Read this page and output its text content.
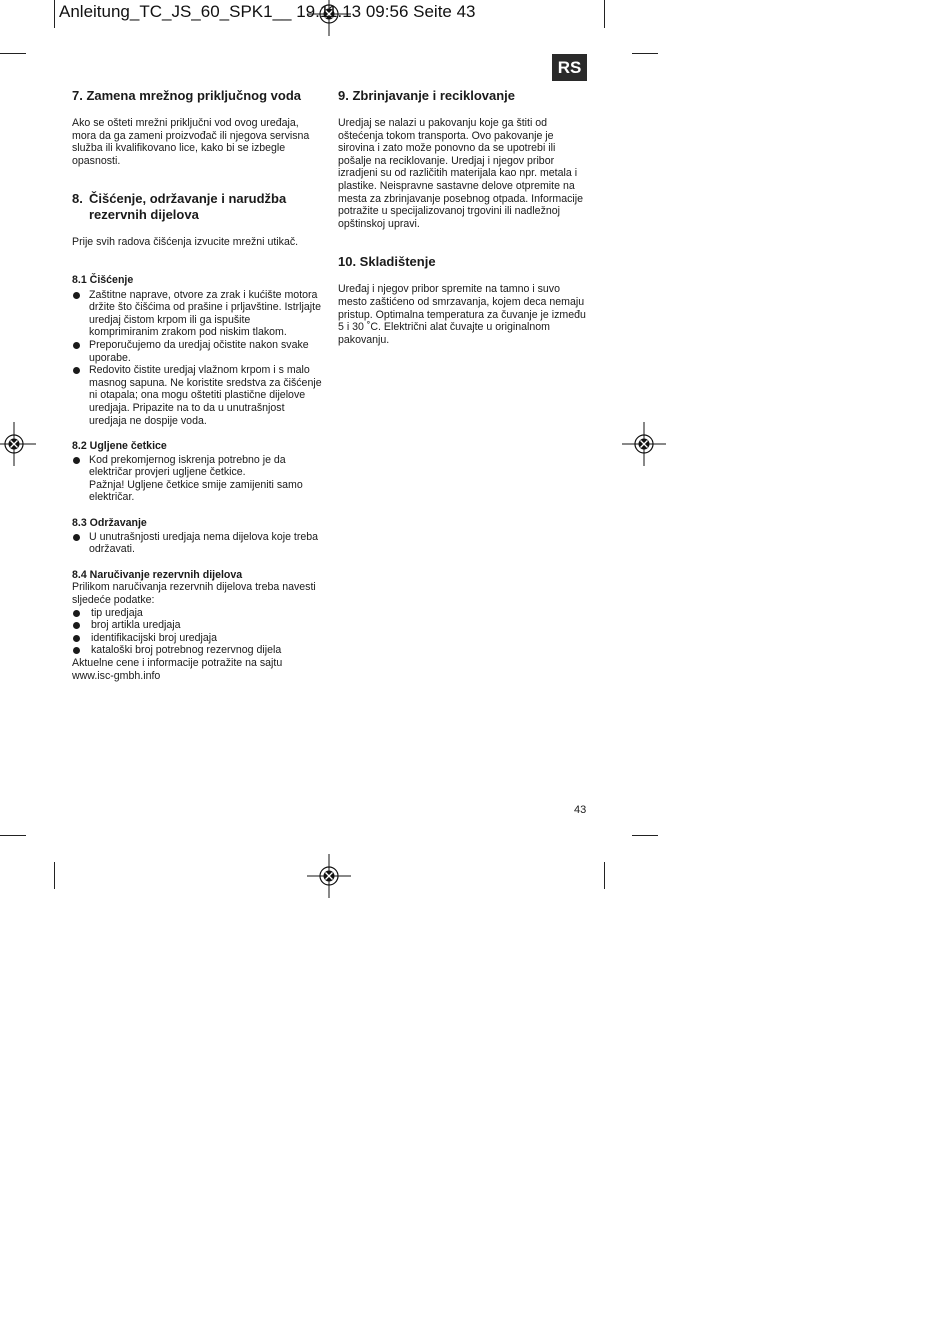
Anleitung_TC_JS_60_SPK1__ 19.11.13 09:56 Seite 43
RS
7. Zamena mrežnog priključnog voda

Ako se ošteti mrežni priključni vod ovog uređaja, mora da ga zameni proizvođač ili njegova servisna služba ili kvalifikovano lice, kako bi se izbegle opasnosti.

8. Čišćenje, održavanje i narudžba rezervnih dijelova

Prije svih radova čišćenja izvucite mrežni utikač.

8.1 Čišćenje
Zaštitne naprave, otvore za zrak i kućište motora držite što čišćima od prašine i prljavštine. Istrljajte uredjaj čistom krpom ili ga ispušite komprimiranim zrakom pod niskim tlakom.
Preporučujemo da uredjaj očistite nakon svake uporabe.
Redovito čistite uredjaj vlažnom krpom i s malo masnog sapuna. Ne koristite sredstva za čišćenje ni otapala; ona mogu oštetiti plastične dijelove uredjaja. Pripazite na to da u unutrašnjost uredjaja ne dospije voda.
8.2 Ugljene četkice
Kod prekomjernog iskrenja potrebno je da električar provjeri ugljene četkice.
Pažnja! Ugljene četkice smije zamijeniti samo električar.
8.3 Održavanje
U unutrašnjosti uredjaja nema dijelova koje treba održavati.
8.4 Naručivanje rezervnih dijelova

Prilikom naručivanja rezervnih dijelova treba navesti sljedeće podatke:

tip uredjaja
broj artikla uredjaja
identifikacijski broj uredjaja
kataloški broj potrebnog rezervnog dijela

Aktuelne cene i informacije potražite na sajtu

www.isc-gmbh.info

9. Zbrinjavanje i reciklovanje

Uredjaj se nalazi u pakovanju koje ga štiti od oštećenja tokom transporta. Ovo pakovanje je sirovina i zato može ponovno da se upotrebi ili pošalje na reciklovanje. Uredjaj i njegov pribor izradjeni su od različitih materijala kao npr. metala i plastike. Neispravne sastavne delove otpremite na mesta za zbrinjavanje posebnog otpada. Informacije potražite u specijalizovanoj trgovini ili nadležnoj opštinskoj upravi.

10. Skladištenje

Uređaj i njegov pribor spremite na tamno i suvo mesto zaštićeno od smrzavanja, kojem deca nemaju pristup. Optimalna temperatura za čuvanje je između 5 i 30 ˚C. Električni alat čuvajte u originalnom pakovanju.

43
